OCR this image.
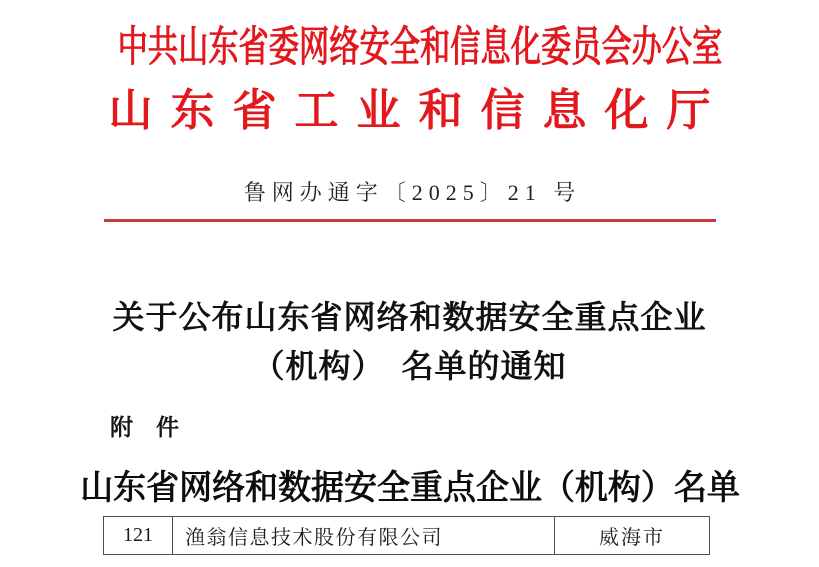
中共山东省委网络安全和信息化委员会办公室
山东省工业和信息化厅
鲁网办通字〔2025〕21 号
关于公布山东省网络和数据安全重点企业
（机构）　名单的通知
附　件
山东省网络和数据安全重点企业（机构）名单
121	渔翁信息技术股份有限公司	威海市
